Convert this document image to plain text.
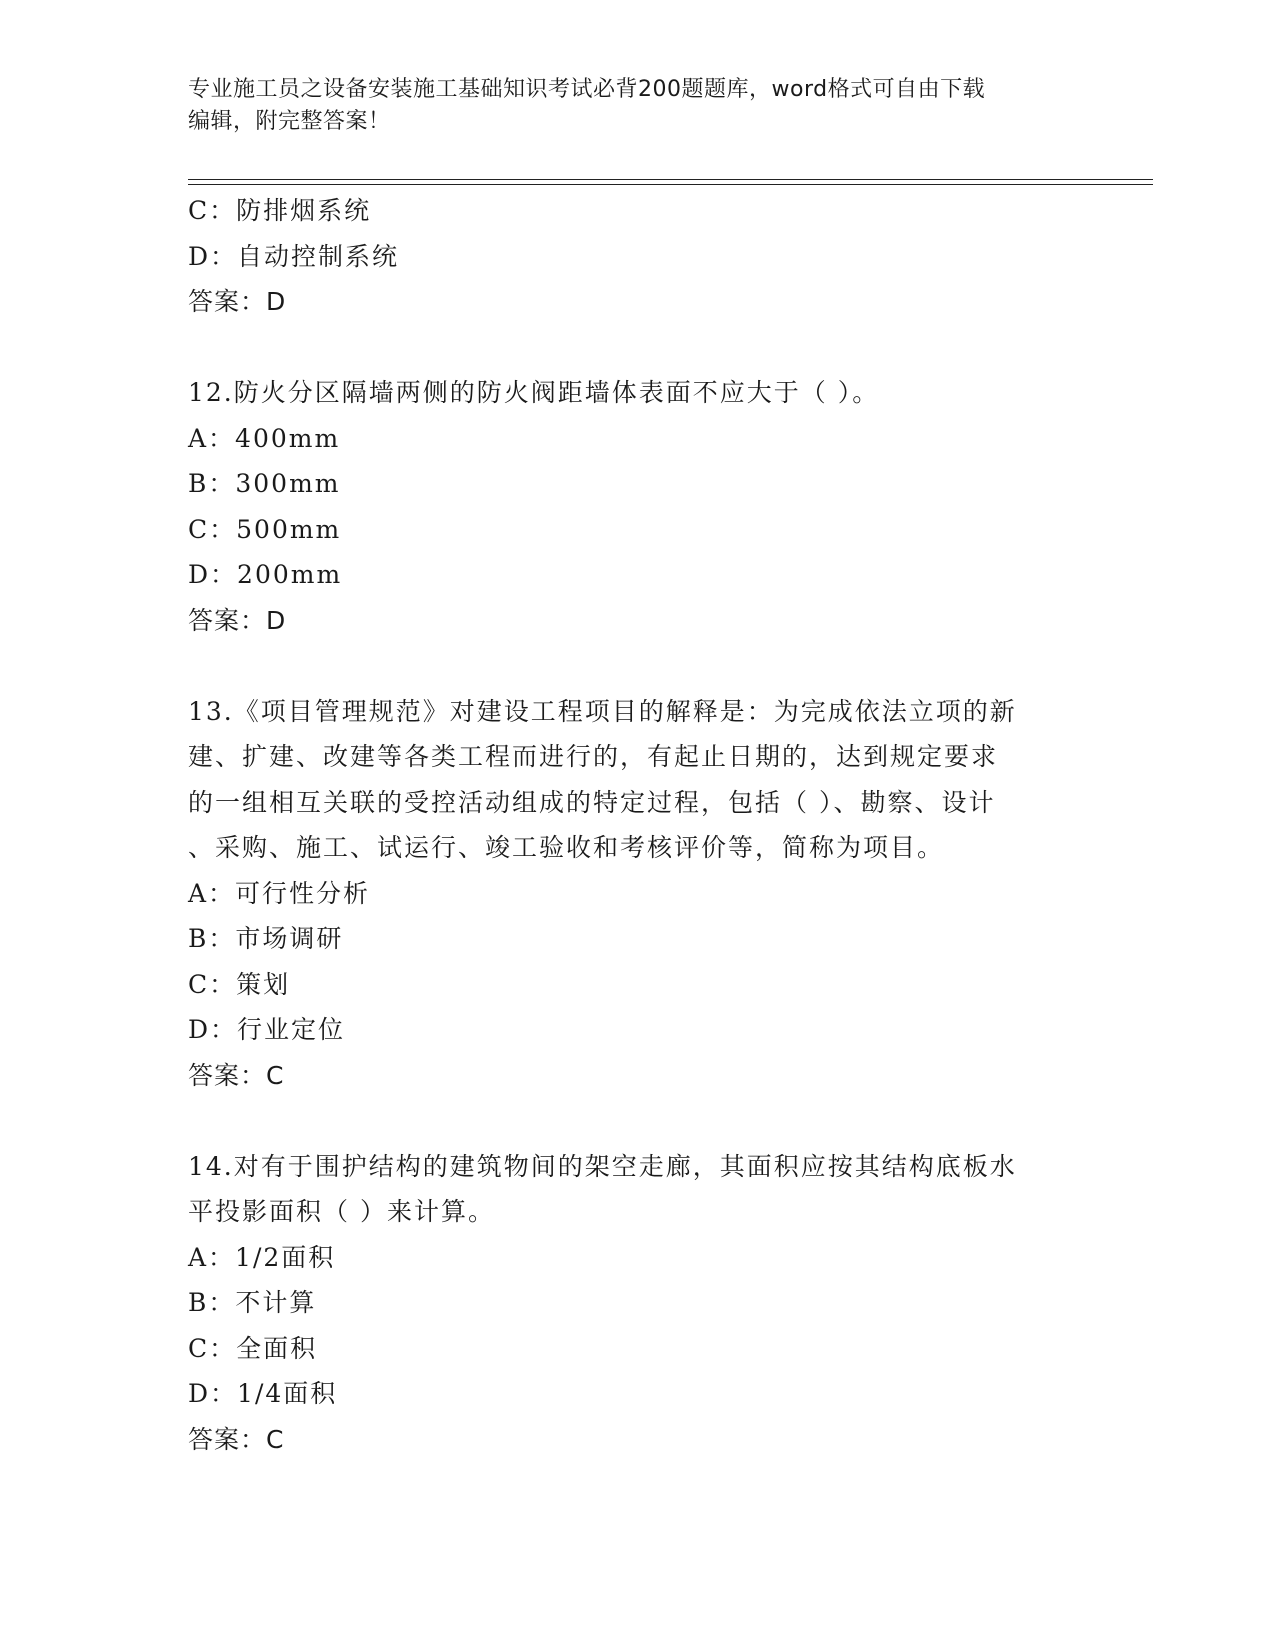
专业施工员之设备安装施工基础知识考试必背200题题库，word格式可自由下载
编辑，附完整答案！
C：防排烟系统
D：自动控制系统
答案：D
12.防火分区隔墙两侧的防火阀距墙体表面不应大于（ ）。
A：400mm
B：300mm
C：500mm
D：200mm
答案：D
13.《项目管理规范》对建设工程项目的解释是：为完成依法立项的新
建、扩建、改建等各类工程而进行的，有起止日期的，达到规定要求
的一组相互关联的受控活动组成的特定过程，包括（ ）、勘察、设计
、采购、施工、试运行、竣工验收和考核评价等，简称为项目。
A：可行性分析
B：市场调研
C：策划
D：行业定位
答案：C
14.对有于围护结构的建筑物间的架空走廊，其面积应按其结构底板水
平投影面积（ ）来计算。
A：1/2面积
B：不计算
C：全面积
D：1/4面积
答案：C
